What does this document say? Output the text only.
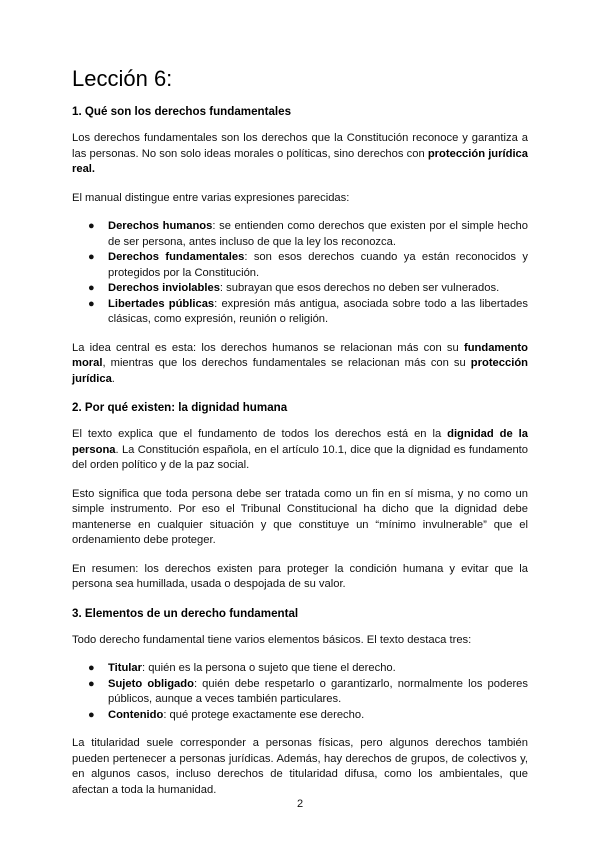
Lección 6:
1. Qué son los derechos fundamentales

Los derechos fundamentales son los derechos que la Constitución reconoce y garantiza a las personas. No son solo ideas morales o políticas, sino derechos con protección jurídica real.

El manual distingue entre varias expresiones parecidas:

● Derechos humanos: se entienden como derechos que existen por el simple hecho de ser persona, antes incluso de que la ley los reconozca.
● Derechos fundamentales: son esos derechos cuando ya están reconocidos y protegidos por la Constitución.
● Derechos inviolables: subrayan que esos derechos no deben ser vulnerados.
● Libertades públicas: expresión más antigua, asociada sobre todo a las libertades clásicas, como expresión, reunión o religión.

La idea central es esta: los derechos humanos se relacionan más con su fundamento moral, mientras que los derechos fundamentales se relacionan más con su protección jurídica.

2. Por qué existen: la dignidad humana

El texto explica que el fundamento de todos los derechos está en la dignidad de la persona. La Constitución española, en el artículo 10.1, dice que la dignidad es fundamento del orden político y de la paz social.

Esto significa que toda persona debe ser tratada como un fin en sí misma, y no como un simple instrumento. Por eso el Tribunal Constitucional ha dicho que la dignidad debe mantenerse en cualquier situación y que constituye un “mínimo invulnerable” que el ordenamiento debe proteger.

En resumen: los derechos existen para proteger la condición humana y evitar que la persona sea humillada, usada o despojada de su valor.

3. Elementos de un derecho fundamental

Todo derecho fundamental tiene varios elementos básicos. El texto destaca tres:

● Titular: quién es la persona o sujeto que tiene el derecho.
● Sujeto obligado: quién debe respetarlo o garantizarlo, normalmente los poderes públicos, aunque a veces también particulares.
● Contenido: qué protege exactamente ese derecho.

La titularidad suele corresponder a personas físicas, pero algunos derechos también pueden pertenecer a personas jurídicas. Además, hay derechos de grupos, de colectivos y, en algunos casos, incluso derechos de titularidad difusa, como los ambientales, que afectan a toda la humanidad.

2
